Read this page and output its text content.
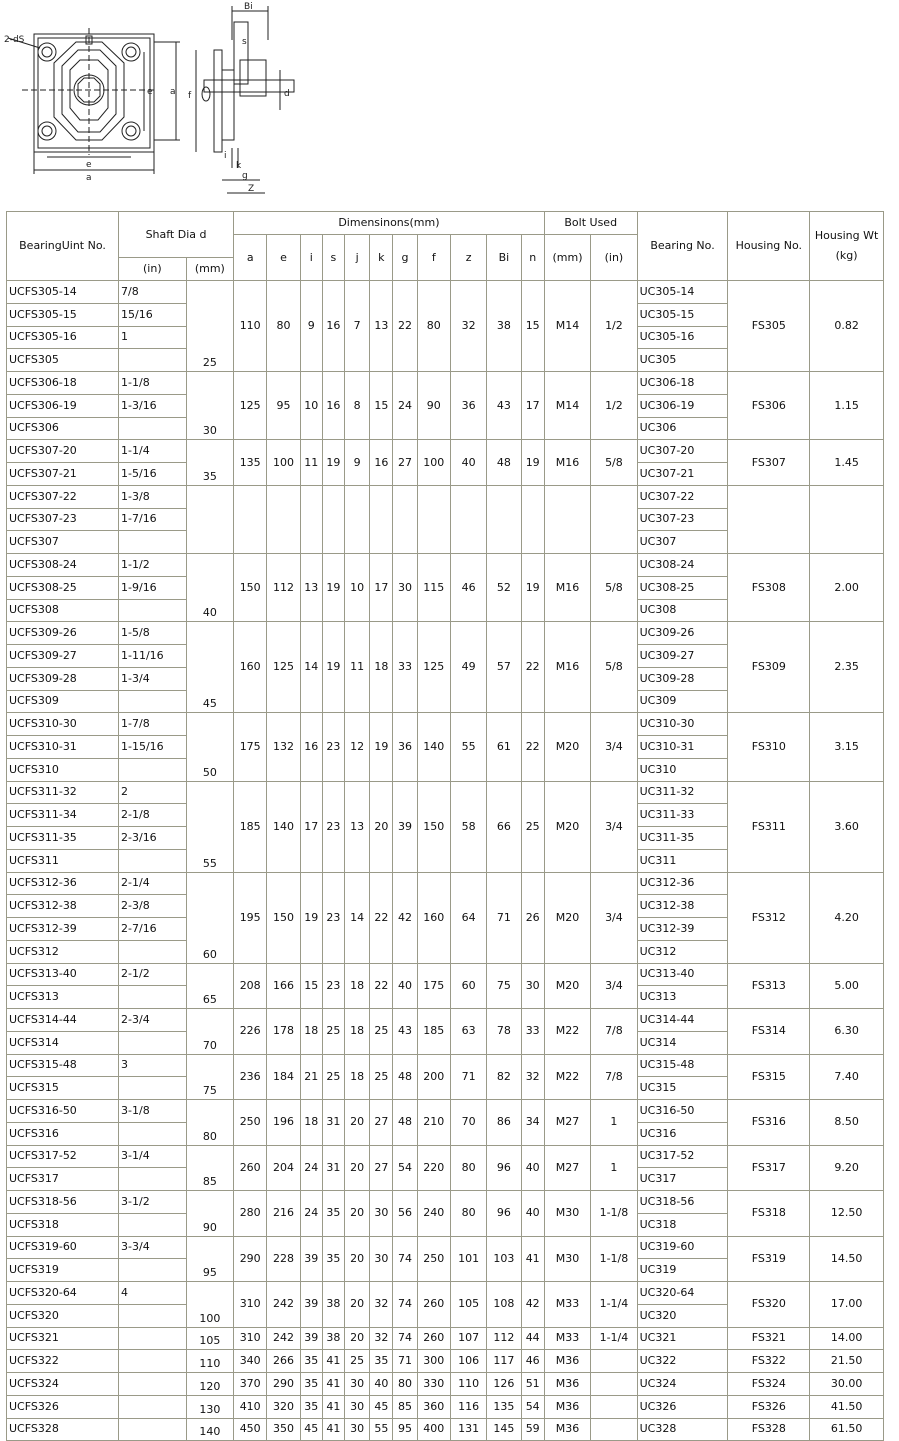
2-dS
e
a
e a f	d
Bi
i
k
g
Z
s
BearingUint No.	Shaft Dia d		Dimensinons(mm)											Bolt Used		Bearing No.	Housing No.	Housing Wt (kg)
			a	e	i	s	j	k	g	f	z	Bi	n	(mm)	(in)			
	(in)	(mm)																
UCFS305-14	7/8	25	110	80	9	16	7	13	22	80	32	38	15	M14	1/2	UC305-14	FS305	0.82
UCFS305-15	15/16															UC305-15		
UCFS305-16	1															UC305-16		
UCFS305																UC305		
UCFS306-18	1-1/8	30	125	95	10	16	8	15	24	90	36	43	17	M14	1/2	UC306-18	FS306	1.15
UCFS306-19	1-3/16															UC306-19		
UCFS306																UC306		
UCFS307-20	1-1/4	35	135	100	11	19	9	16	27	100	40	48	19	M16	5/8	UC307-20	FS307	1.45
UCFS307-21	1-5/16															UC307-21		
UCFS307-22	1-3/8															UC307-22		
UCFS307-23	1-7/16															UC307-23		
UCFS307																UC307		
UCFS308-24	1-1/2	40	150	112	13	19	10	17	30	115	46	52	19	M16	5/8	UC308-24	FS308	2.00
UCFS308-25	1-9/16															UC308-25		
UCFS308																UC308		
UCFS309-26	1-5/8	45	160	125	14	19	11	18	33	125	49	57	22	M16	5/8	UC309-26	FS309	2.35
UCFS309-27	1-11/16															UC309-27		
UCFS309-28	1-3/4															UC309-28		
UCFS309																UC309		
UCFS310-30	1-7/8	50	175	132	16	23	12	19	36	140	55	61	22	M20	3/4	UC310-30	FS310	3.15
UCFS310-31	1-15/16															UC310-31		
UCFS310																UC310		
UCFS311-32	2	55	185	140	17	23	13	20	39	150	58	66	25	M20	3/4	UC311-32	FS311	3.60
UCFS311-34	2-1/8															UC311-33		
UCFS311-35	2-3/16															UC311-35		
UCFS311																UC311		
UCFS312-36	2-1/4	60	195	150	19	23	14	22	42	160	64	71	26	M20	3/4	UC312-36	FS312	4.20
UCFS312-38	2-3/8															UC312-38		
UCFS312-39	2-7/16															UC312-39		
UCFS312																UC312		
UCFS313-40	2-1/2	65	208	166	15	23	18	22	40	175	60	75	30	M20	3/4	UC313-40	FS313	5.00
UCFS313																UC313		
UCFS314-44	2-3/4	70	226	178	18	25	18	25	43	185	63	78	33	M22	7/8	UC314-44	FS314	6.30
UCFS314																UC314		
UCFS315-48	3	75	236	184	21	25	18	25	48	200	71	82	32	M22	7/8	UC315-48	FS315	7.40
UCFS315																UC315		
UCFS316-50	3-1/8	80	250	196	18	31	20	27	48	210	70	86	34	M27	1	UC316-50	FS316	8.50
UCFS316																UC316		
UCFS317-52	3-1/4	85	260	204	24	31	20	27	54	220	80	96	40	M27	1	UC317-52	FS317	9.20
UCFS317																UC317		
UCFS318-56	3-1/2	90	280	216	24	35	20	30	56	240	80	96	40	M30	1-1/8	UC318-56	FS318	12.50
UCFS318																UC318		
UCFS319-60	3-3/4	95	290	228	39	35	20	30	74	250	101	103	41	M30	1-1/8	UC319-60	FS319	14.50
UCFS319																UC319		
UCFS320-64	4	100	310	242	39	38	20	32	74	260	105	108	42	M33	1-1/4	UC320-64	FS320	17.00
UCFS320																UC320		
UCFS321		105	310	242	39	38	20	32	74	260	107	112	44	M33	1-1/4	UC321	FS321	14.00
UCFS322		110	340	266	35	41	25	35	71	300	106	117	46	M36		UC322	FS322	21.50
UCFS324		120	370	290	35	41	30	40	80	330	110	126	51	M36		UC324	FS324	30.00
UCFS326		130	410	320	35	41	30	45	85	360	116	135	54	M36		UC326	FS326	41.50
UCFS328		140	450	350	45	41	30	55	95	400	131	145	59	M36		UC328	FS328	61.50
